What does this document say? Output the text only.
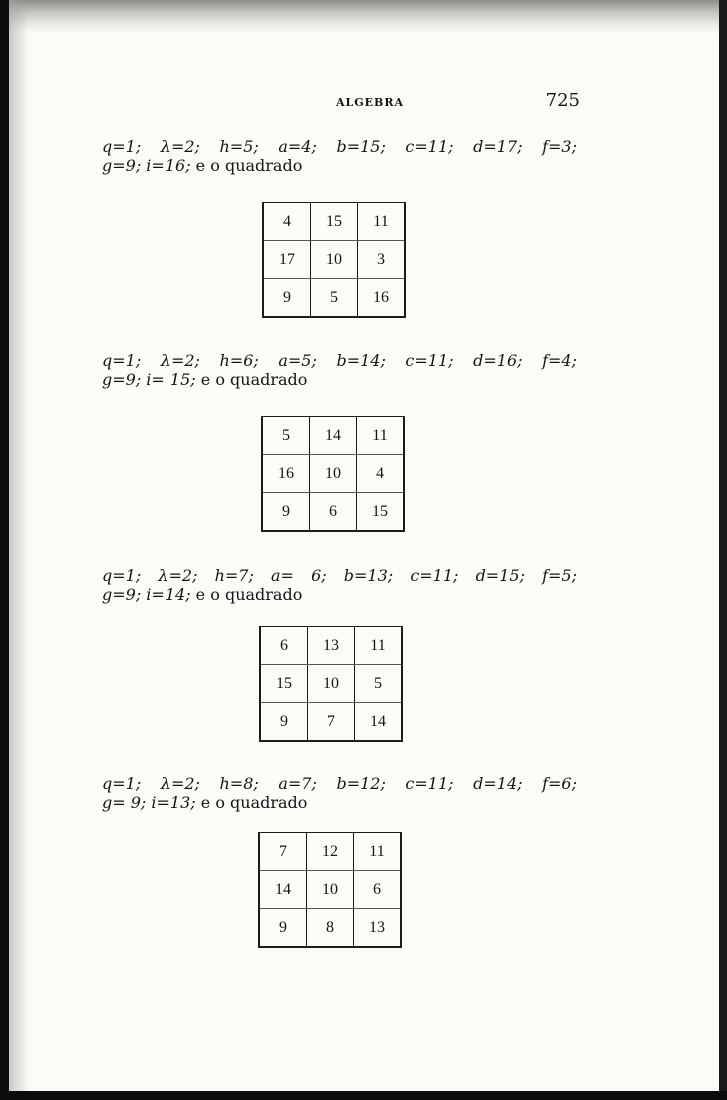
ALGEBRA	725
q=1; λ=2; h=5; a=4; b=15; c=11; d=17; f=3;
g=9; i=16; e o quadrado
4	15	11
17	10	3
9	5	16
q=1; λ=2; h=6; a=5; b=14; c=11; d=16; f=4;
g=9; i= 15; e o quadrado
5	14	11
16	10	4
9	6	15
q=1; λ=2; h=7; a= 6; b=13; c=11; d=15; f=5;
g=9; i=14; e o quadrado
6	13	11
15	10	5
9	7	14
q=1; λ=2; h=8; a=7; b=12; c=11; d=14; f=6;
g= 9; i=13; e o quadrado
7	12	11
14	10	6
9	8	13
